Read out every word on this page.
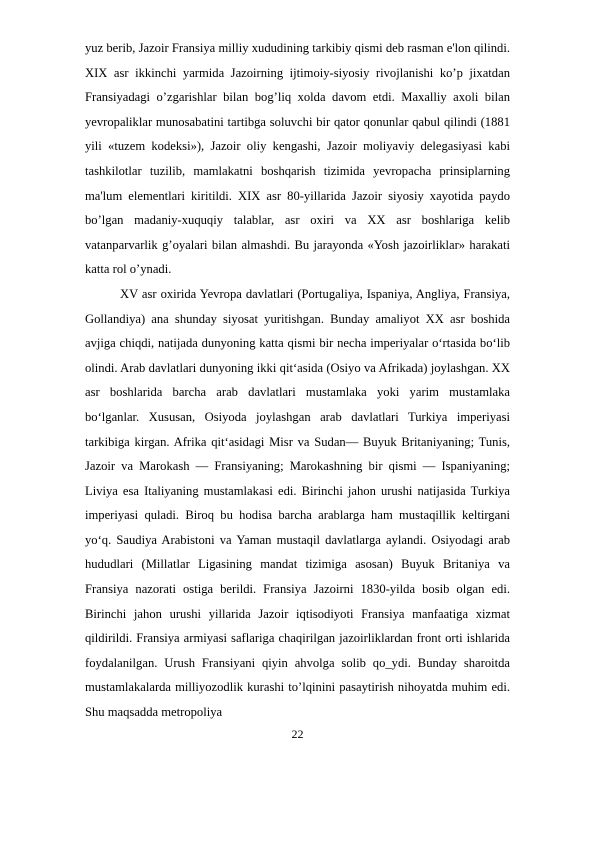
yuz berib, Jazoir Fransiya milliy xududining tarkibiy qismi deb rasman e'lon qilindi. XIX asr ikkinchi yarmida Jazoirning ijtimoiy-siyosiy rivojlanishi ko’p jixatdan Fransiyadagi o’zgarishlar bilan bog’liq xolda davom etdi. Maxalliy axoli bilan yevropaliklar munosabatini tartibga soluvchi bir qator qonunlar qabul qilindi (1881 yili «tuzem kodeksi»), Jazoir oliy kengashi, Jazoir moliyaviy delegasiyasi kabi tashkilotlar tuzilib, mamlakatni boshqarish tizimida yevropacha prinsiplarning ma'lum elementlari kiritildi. XIX asr 80-yillarida Jazoir siyosiy xayotida paydo bo’lgan madaniy-xuquqiy talablar, asr oxiri va XX asr boshlariga kelib vatanparvarlik g’oyalari bilan almashdi. Bu jarayonda «Yosh jazoirliklar» harakati katta rol o’ynadi.

XV asr oxirida Yevropa davlatlari (Portugaliya, Ispaniya, Angliya, Fransiya, Gollandiya) ana shunday siyosat yuritishgan. Bunday amaliyot XX asr boshida avjiga chiqdi, natijada dunyoning katta qismi bir necha imperiyalar o‘rtasida bo‘lib olindi. Arab davlatlari dunyoning ikki qit‘asida (Osiyo va Afrikada) joylashgan. XX asr boshlarida barcha arab davlatlari mustamlaka yoki yarim mustamlaka bo‘lganlar. Xususan, Osiyoda joylashgan arab davlatlari Turkiya imperiyasi tarkibiga kirgan. Afrika qit‘asidagi Misr va Sudan— Buyuk Britaniyaning; Tunis, Jazoir va Marokash — Fransiyaning; Marokashning bir qismi — Ispaniyaning; Liviya esa Italiyaning mustamlakasi edi. Birinchi jahon urushi natijasida Turkiya imperiyasi quladi. Biroq bu hodisa barcha arablarga ham mustaqillik keltirgani yo‘q. Saudiya Arabistoni va Yaman mustaqil davlatlarga aylandi. Osiyodagi arab hududlari (Millatlar Ligasining mandat tizimiga asosan) Buyuk Britaniya va Fransiya nazorati ostiga berildi. Fransiya Jazoirni 1830-yilda bosib olgan edi. Birinchi jahon urushi yillarida Jazoir iqtisodiyoti Fransiya manfaatiga xizmat qildirildi. Fransiya armiyasi saflariga chaqirilgan jazoirliklardan front orti ishlarida foydalanilgan. Urush Fransiyani qiyin ahvolga solib qo_ydi. Bunday sharoitda mustamlakalarda milliyozodlik kurashi to’lqinini pasaytirish nihoyatda muhim edi. Shu maqsadda metropoliya

22
